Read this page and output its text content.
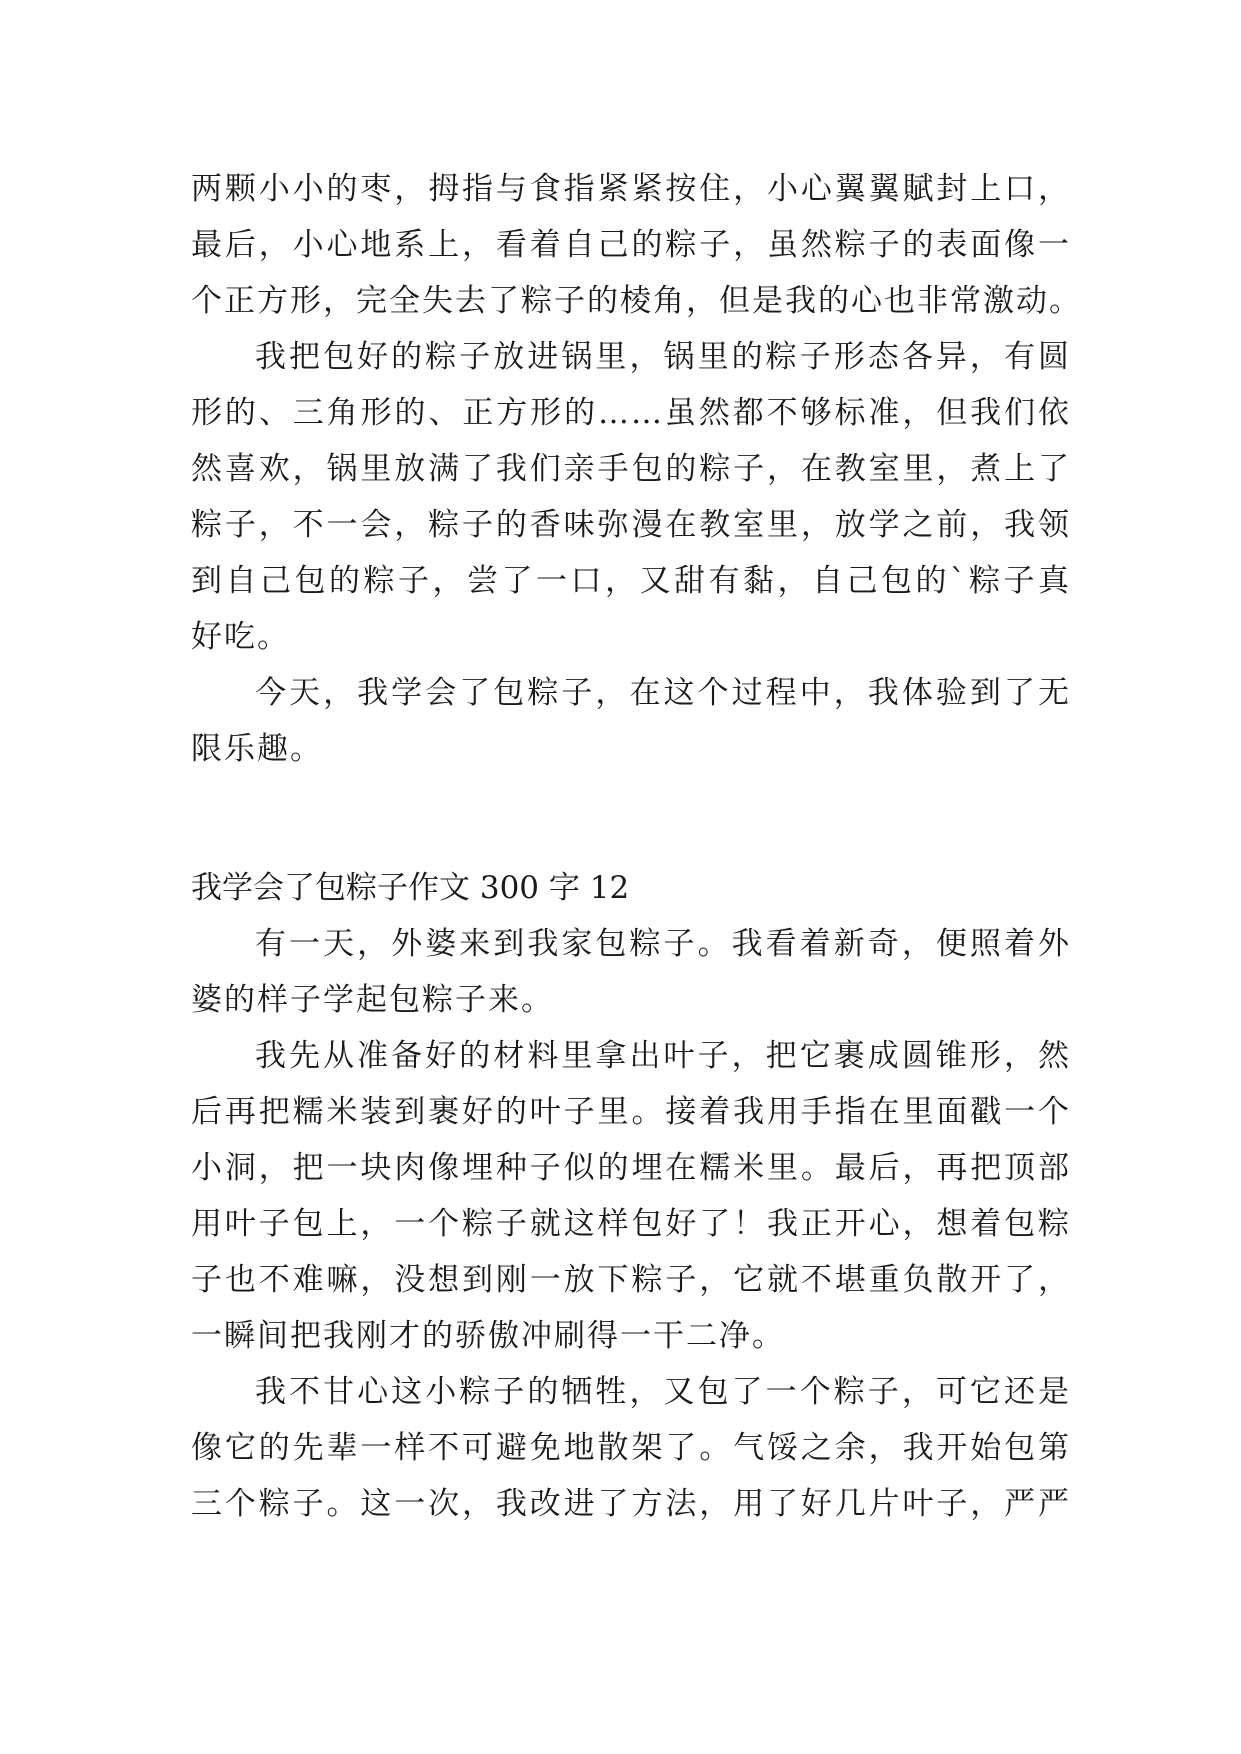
两颗小小的枣，拇指与食指紧紧按住，小心翼翼賦封上口，
最后，小心地系上，看着自己的粽子，虽然粽子的表面像一
个正方形，完全失去了粽子的棱角，但是我的心也非常激动。
我把包好的粽子放进锅里，锅里的粽子形态各异，有圆
形的、三角形的、正方形的……虽然都不够标准，但我们依
然喜欢，锅里放满了我们亲手包的粽子，在教室里，煮上了
粽子，不一会，粽子的香味弥漫在教室里，放学之前，我领
到自己包的粽子，尝了一口，又甜有黏，自己包的`粽子真
好吃。
今天，我学会了包粽子，在这个过程中，我体验到了无
限乐趣。
我学会了包粽子作文 300 字 12
有一天，外婆来到我家包粽子。我看着新奇，便照着外
婆的样子学起包粽子来。
我先从准备好的材料里拿出叶子，把它裹成圆锥形，然
后再把糯米装到裹好的叶子里。接着我用手指在里面戳一个
小洞，把一块肉像埋种子似的埋在糯米里。最后，再把顶部
用叶子包上，一个粽子就这样包好了！我正开心，想着包粽
子也不难嘛，没想到刚一放下粽子，它就不堪重负散开了，
一瞬间把我刚才的骄傲冲刷得一干二净。
我不甘心这小粽子的牺牲，又包了一个粽子，可它还是
像它的先辈一样不可避免地散架了。气馁之余，我开始包第
三个粽子。这一次，我改进了方法，用了好几片叶子，严严
